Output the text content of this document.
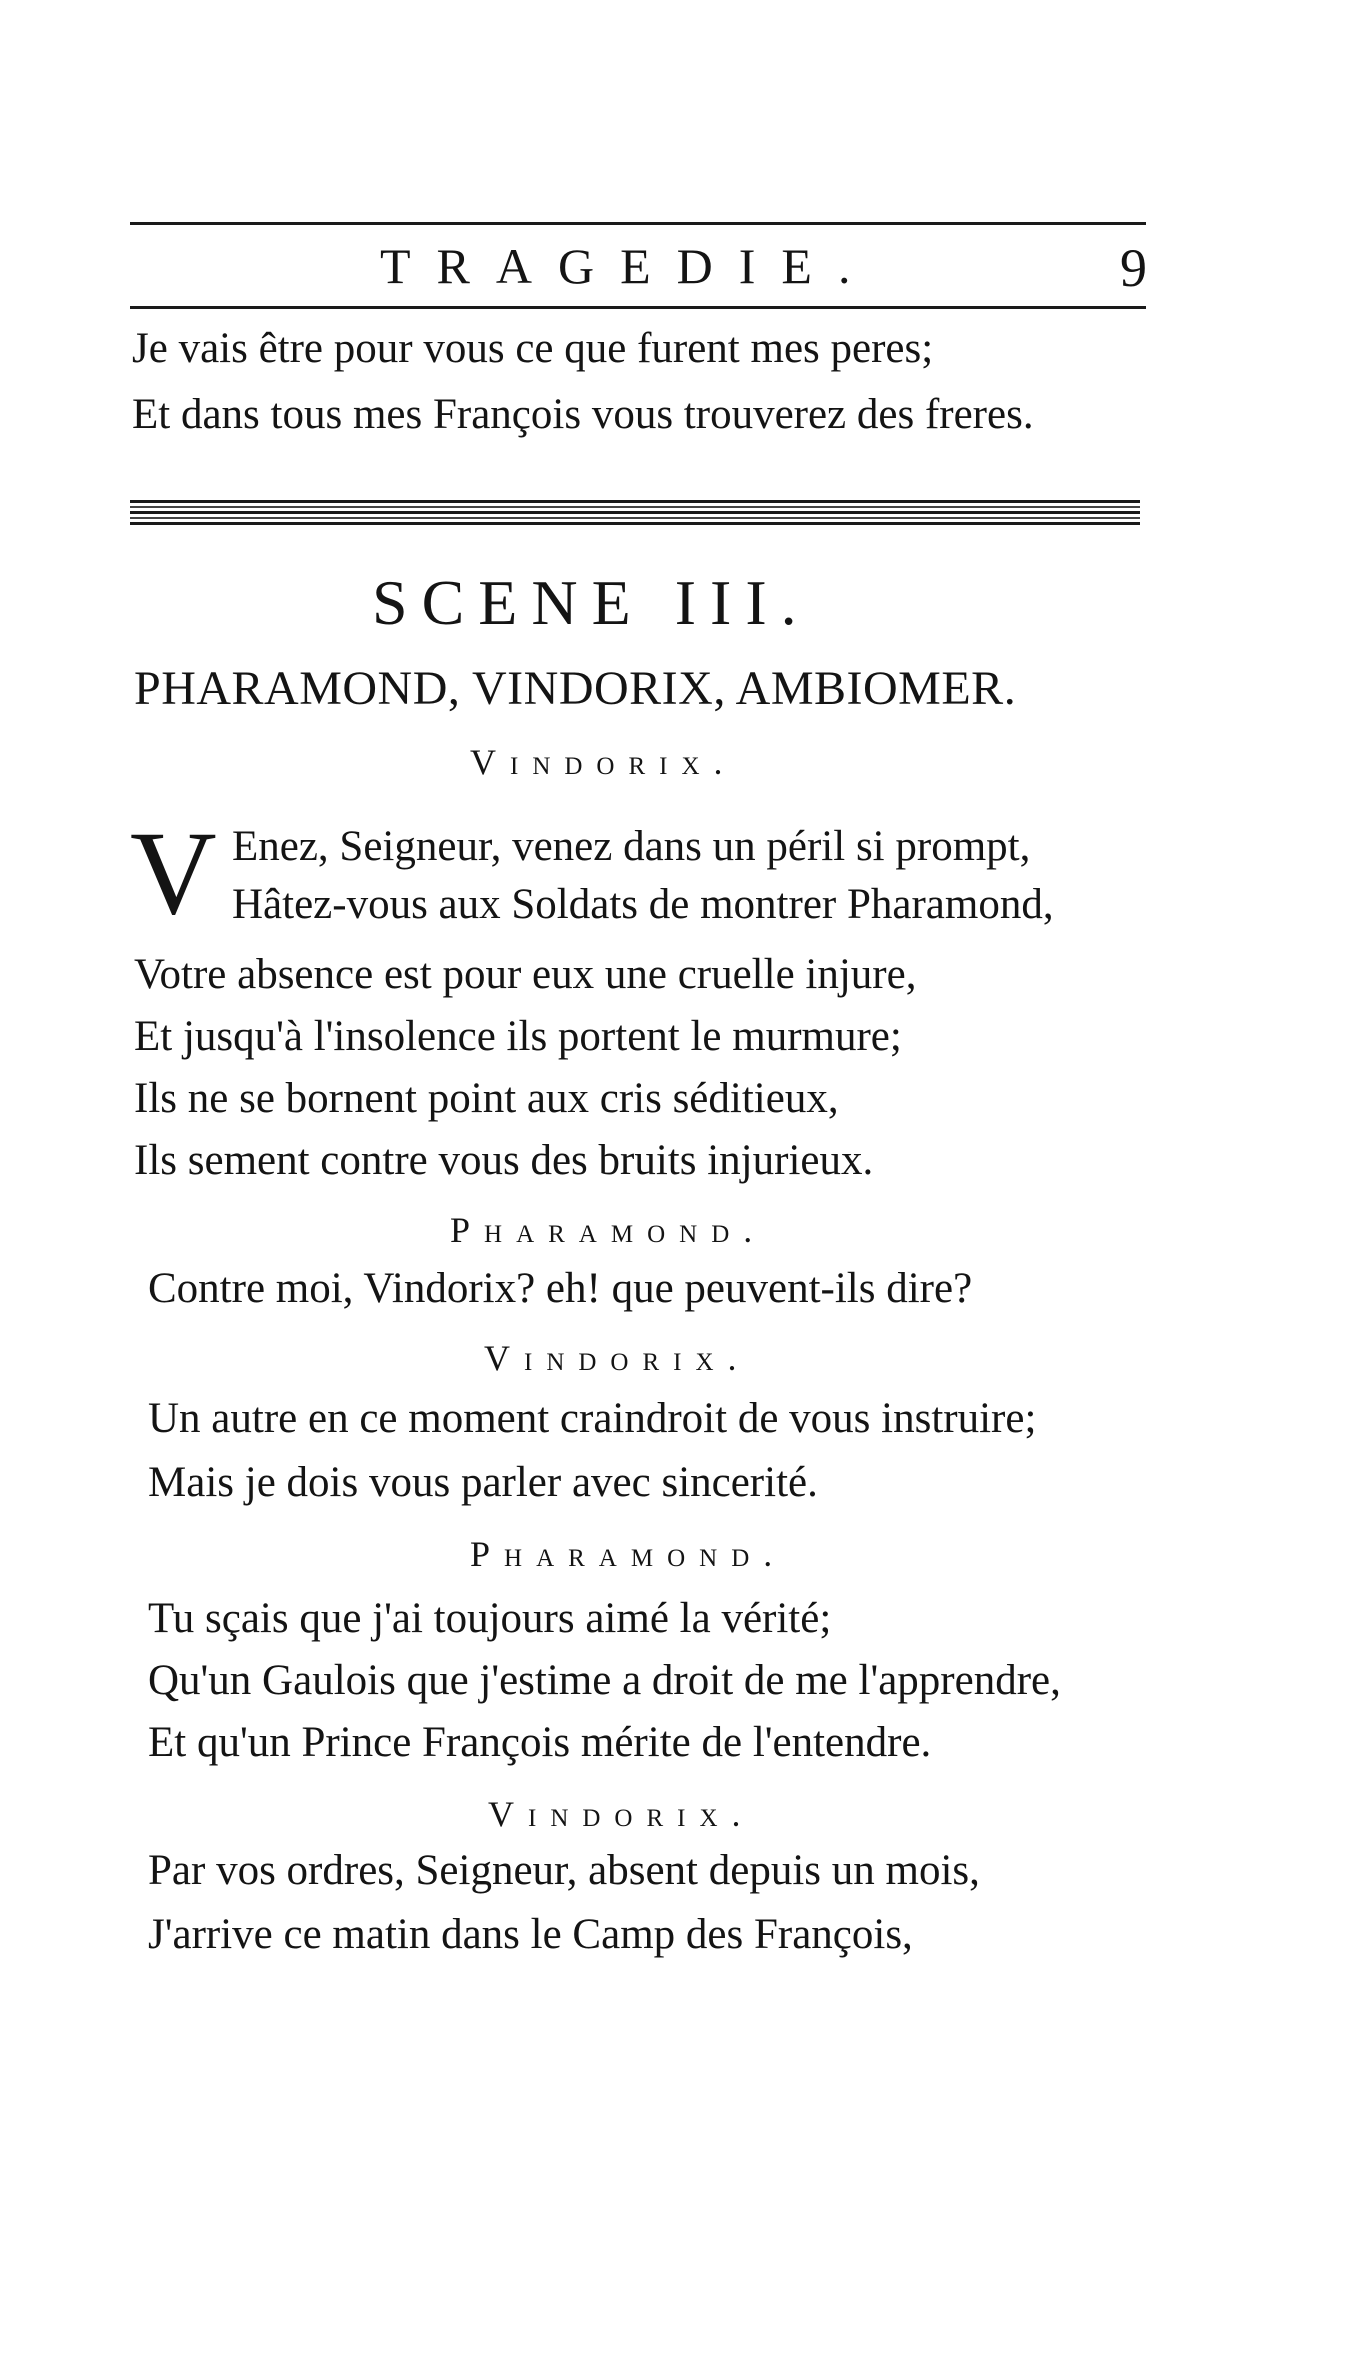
TRAGEDIE.	9
Je vais être pour vous ce que furent mes peres;
Et dans tous mes François vous trouverez des freres.
SCENE III.
PHARAMOND, VINDORIX, AMBIOMER.
Vindorix.
V Enez, Seigneur, venez dans un péril si prompt,
Hâtez-vous aux Soldats de montrer Pharamond,
Votre absence est pour eux une cruelle injure,
Et jusqu'à l'insolence ils portent le murmure;
Ils ne se bornent point aux cris séditieux,
Ils sement contre vous des bruits injurieux.
Pharamond.
Contre moi, Vindorix? eh! que peuvent-ils dire?
Vindorix.
Un autre en ce moment craindroit de vous instruire;
Mais je dois vous parler avec sincerité.
Pharamond.
Tu sçais que j'ai toujours aimé la vérité;
Qu'un Gaulois que j'estime a droit de me l'apprendre,
Et qu'un Prince François mérite de l'entendre.
Vindorix.
Par vos ordres, Seigneur, absent depuis un mois,
J'arrive ce matin dans le Camp des François,
